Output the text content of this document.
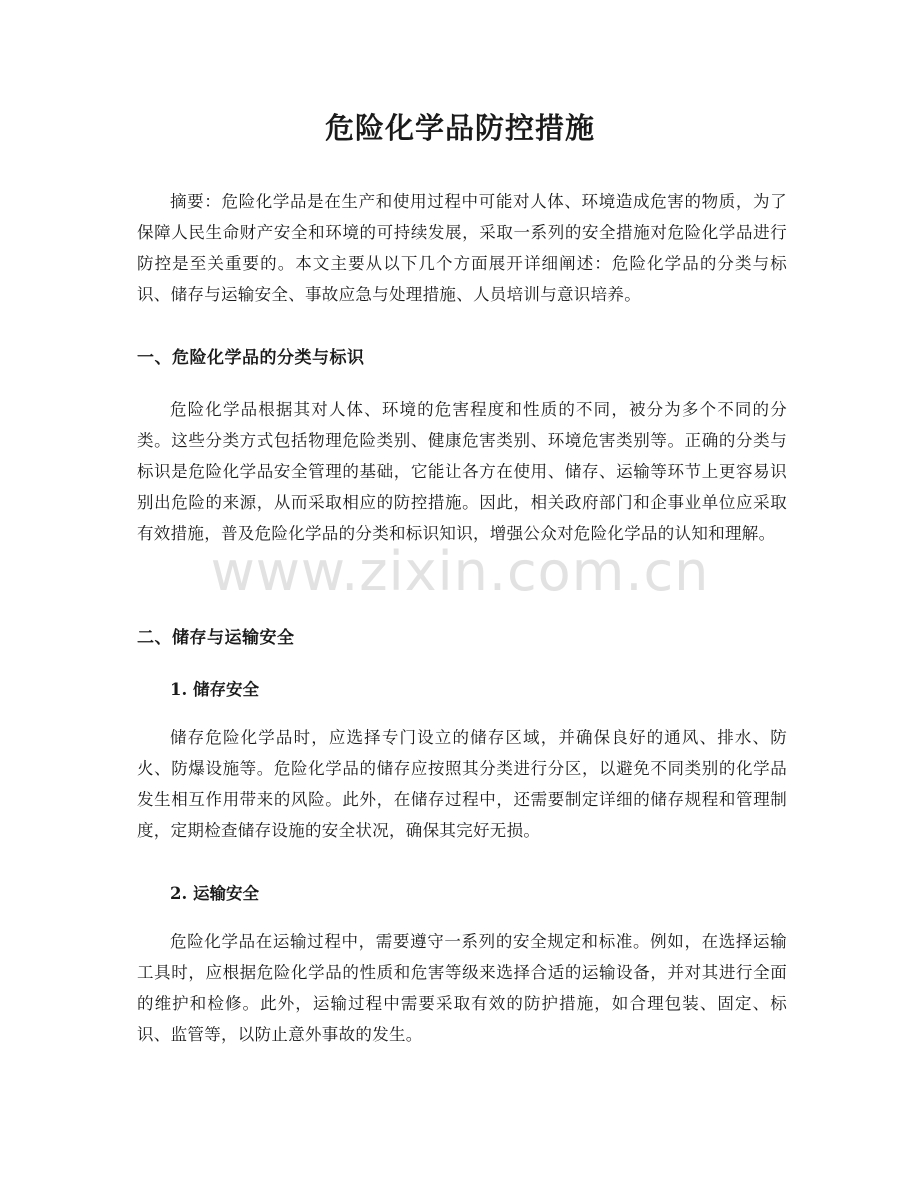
www.zixin.com.cn
危险化学品防控措施

摘要：危险化学品是在生产和使用过程中可能对人体、环境造成危害的物质，为了保障人民生命财产安全和环境的可持续发展，采取一系列的安全措施对危险化学品进行防控是至关重要的。本文主要从以下几个方面展开详细阐述：危险化学品的分类与标识、储存与运输安全、事故应急与处理措施、人员培训与意识培养。

一、危险化学品的分类与标识

危险化学品根据其对人体、环境的危害程度和性质的不同，被分为多个不同的分类。这些分类方式包括物理危险类别、健康危害类别、环境危害类别等。正确的分类与标识是危险化学品安全管理的基础，它能让各方在使用、储存、运输等环节上更容易识别出危险的来源，从而采取相应的防控措施。因此，相关政府部门和企事业单位应采取有效措施，普及危险化学品的分类和标识知识，增强公众对危险化学品的认知和理解。

二、储存与运输安全
1. 储存安全

储存危险化学品时，应选择专门设立的储存区域，并确保良好的通风、排水、防火、防爆设施等。危险化学品的储存应按照其分类进行分区，以避免不同类别的化学品发生相互作用带来的风险。此外，在储存过程中，还需要制定详细的储存规程和管理制度，定期检查储存设施的安全状况，确保其完好无损。

2. 运输安全

危险化学品在运输过程中，需要遵守一系列的安全规定和标准。例如，在选择运输工具时，应根据危险化学品的性质和危害等级来选择合适的运输设备，并对其进行全面的维护和检修。此外，运输过程中需要采取有效的防护措施，如合理包装、固定、标识、监管等，以防止意外事故的发生。
